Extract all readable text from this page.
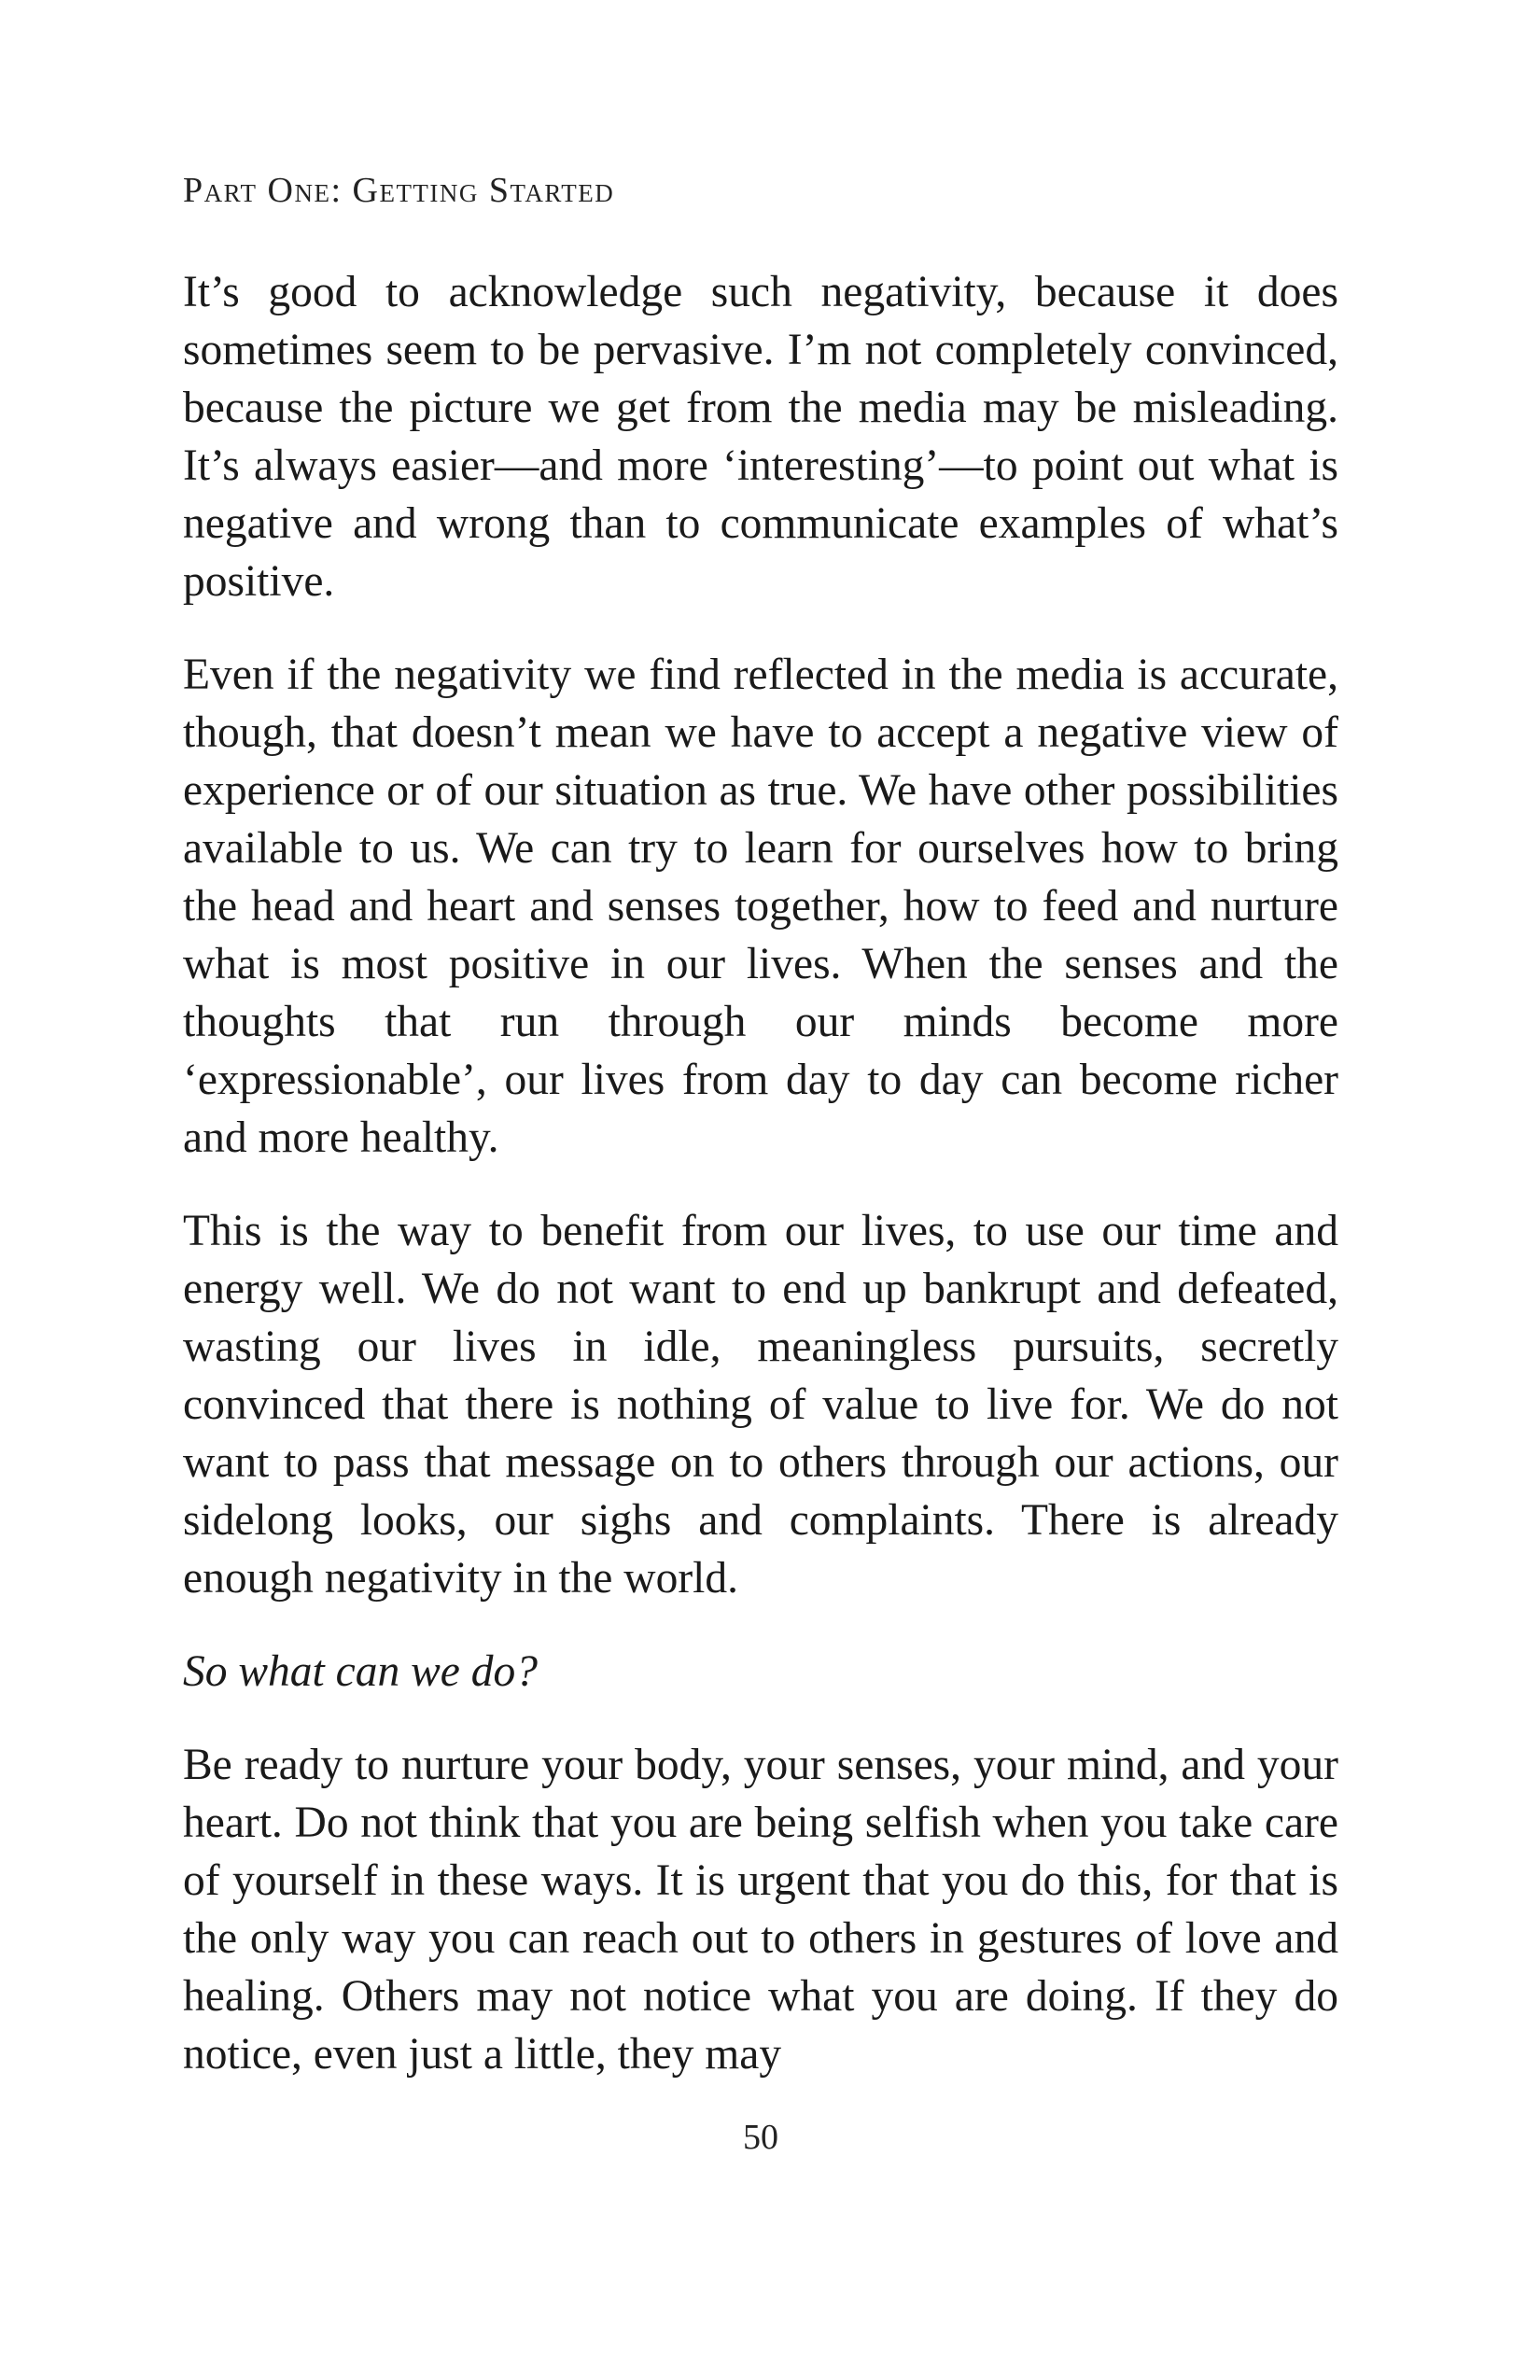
Part One: Getting Started

It’s good to acknowledge such negativity, because it does sometimes seem to be pervasive. I’m not completely convinced, because the picture we get from the media may be misleading. It’s always easier—and more ‘interesting’—to point out what is negative and wrong than to communicate examples of what’s positive.

Even if the negativity we find reflected in the media is accurate, though, that doesn’t mean we have to accept a negative view of experience or of our situation as true. We have other possibilities available to us. We can try to learn for ourselves how to bring the head and heart and senses together, how to feed and nurture what is most positive in our lives. When the senses and the thoughts that run through our minds become more ‘expressionable’, our lives from day to day can become richer and more healthy.

This is the way to benefit from our lives, to use our time and energy well. We do not want to end up bankrupt and defeated, wasting our lives in idle, meaningless pursuits, secretly convinced that there is nothing of value to live for. We do not want to pass that message on to others through our actions, our sidelong looks, our sighs and complaints. There is already enough negativity in the world.

So what can we do?

Be ready to nurture your body, your senses, your mind, and your heart. Do not think that you are being selfish when you take care of yourself in these ways. It is urgent that you do this, for that is the only way you can reach out to others in gestures of love and healing. Others may not notice what you are doing. If they do notice, even just a little, they may

50
